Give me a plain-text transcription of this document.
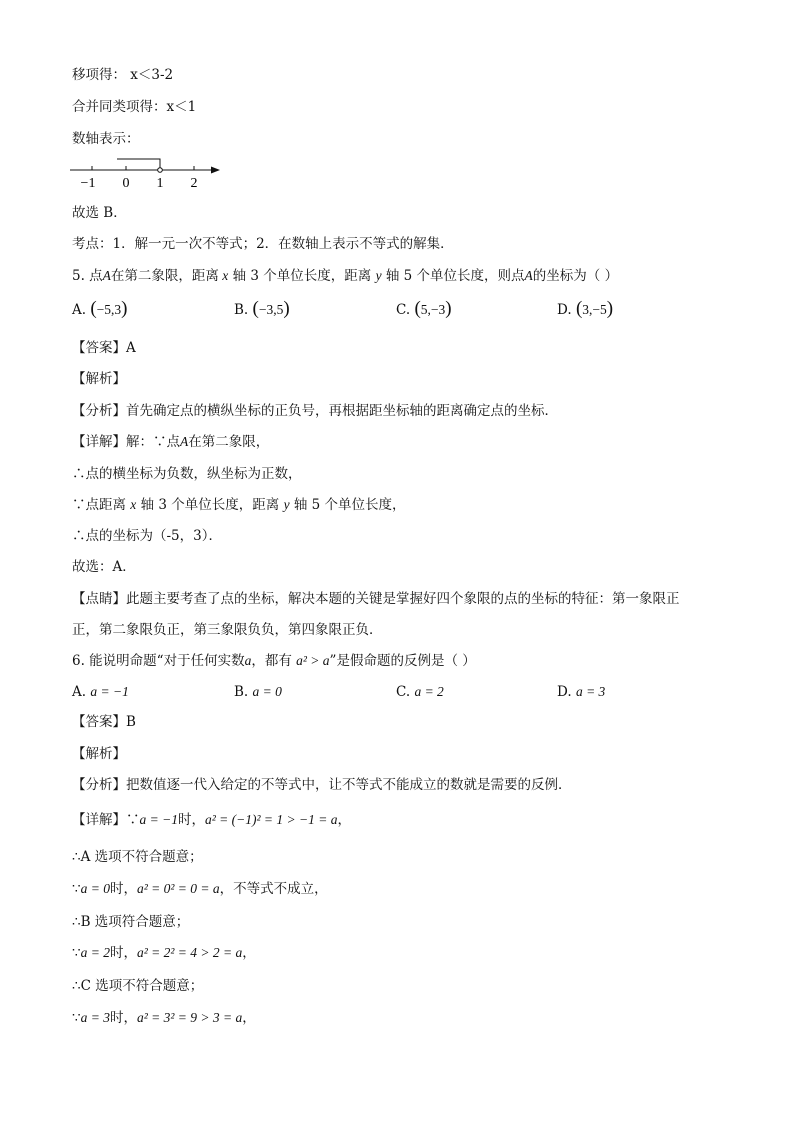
移项得： x＜3-2
合并同类项得：x＜1
数轴表示：
−1 0 1 2
故选 B．
考点：1．解一元一次不等式；2．在数轴上表示不等式的解集．
5. 点A在第二象限，距离 x 轴 3 个单位长度，距离 y 轴 5 个单位长度，则点A的坐标为（ ）
A. (−5,3)	B. (−3,5)	C. (5,−3)	D. (3,−5)
【答案】A
【解析】
【分析】首先确定点的横纵坐标的正负号，再根据距坐标轴的距离确定点的坐标．
【详解】解：∵点A在第二象限，
∴点的横坐标为负数，纵坐标为正数，
∵点距离 x 轴 3 个单位长度，距离 y 轴 5 个单位长度，
∴点的坐标为（-5，3）．
故选：A．
【点睛】此题主要考查了点的坐标，解决本题的关键是掌握好四个象限的点的坐标的特征：第一象限正
正，第二象限负正，第三象限负负，第四象限正负．
6. 能说明命题“对于任何实数a，都有 a² > a”是假命题的反例是（ ）
A. a = −1	B. a = 0	C. a = 2	D. a = 3
【答案】B
【解析】
【分析】把数值逐一代入给定的不等式中，让不等式不能成立的数就是需要的反例．
【详解】∵a = −1时，a² = (−1)² = 1 > −1 = a，
∴A 选项不符合题意；
∵a = 0时，a² = 0² = 0 = a，不等式不成立，
∴B 选项符合题意；
∵a = 2时，a² = 2² = 4 > 2 = a，
∴C 选项不符合题意；
∵a = 3时，a² = 3² = 9 > 3 = a，
